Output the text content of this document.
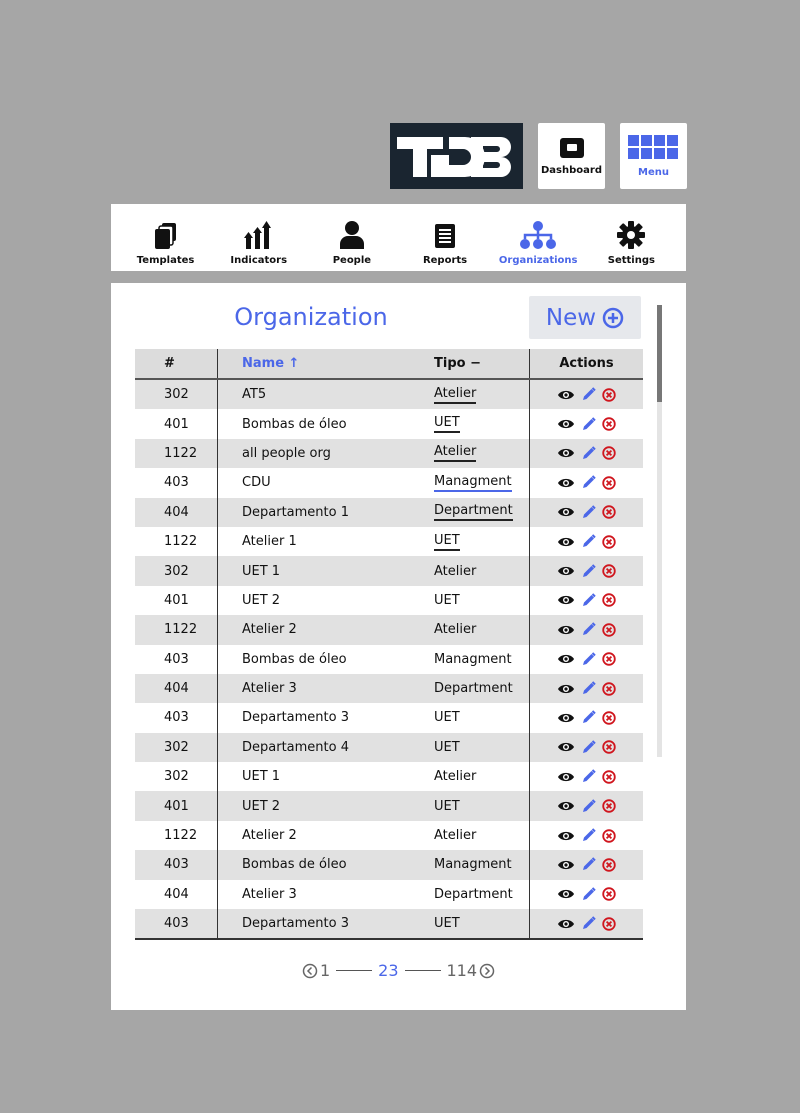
Dashboard	Menu
Templates	Indicators	People	Reports	Organizations	Settings
Organization	New
#	Name ↑	Tipo −	Actions
302	AT5	Atelier
401	Bombas de óleo	UET
1122	all people org	Atelier
403	CDU	Managment
404	Departamento 1	Department
1122	Atelier 1	UET
302	UET 1	Atelier
401	UET 2	UET
1122	Atelier 2	Atelier
403	Bombas de óleo	Managment
404	Atelier 3	Department
403	Departamento 3	UET
302	Departamento 4	UET
302	UET 1	Atelier
401	UET 2	UET
1122	Atelier 2	Atelier
403	Bombas de óleo	Managment
404	Atelier 3	Department
403	Departamento 3	UET
1	23	114
